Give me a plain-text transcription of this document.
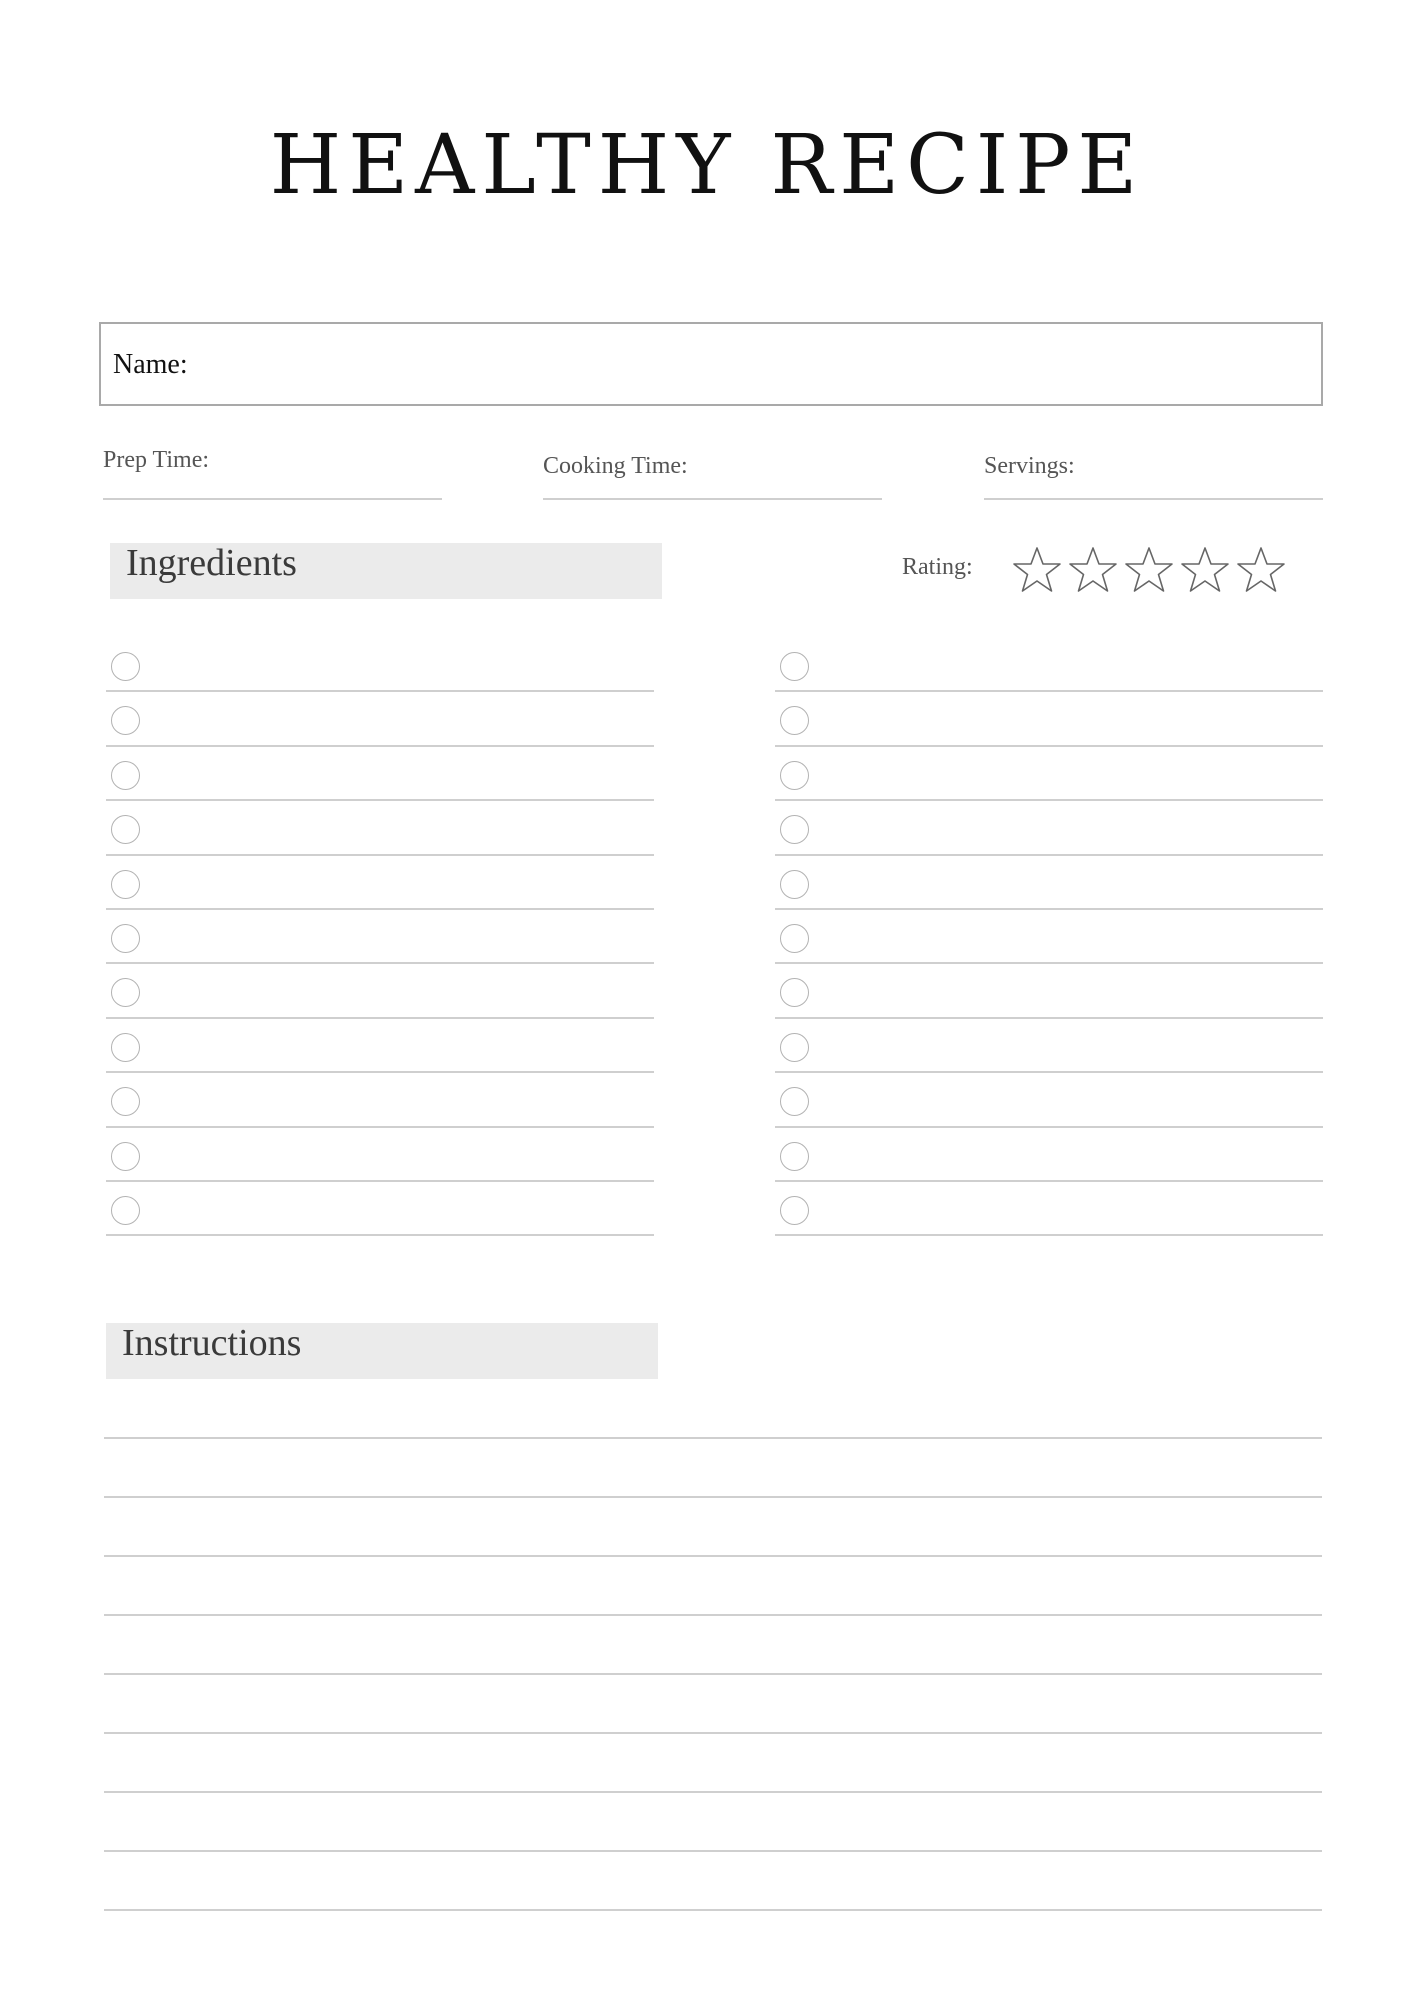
HEALTHY RECIPE
Name:
Prep Time:	Cooking Time:	Servings:
Ingredients	Rating:
Instructions
